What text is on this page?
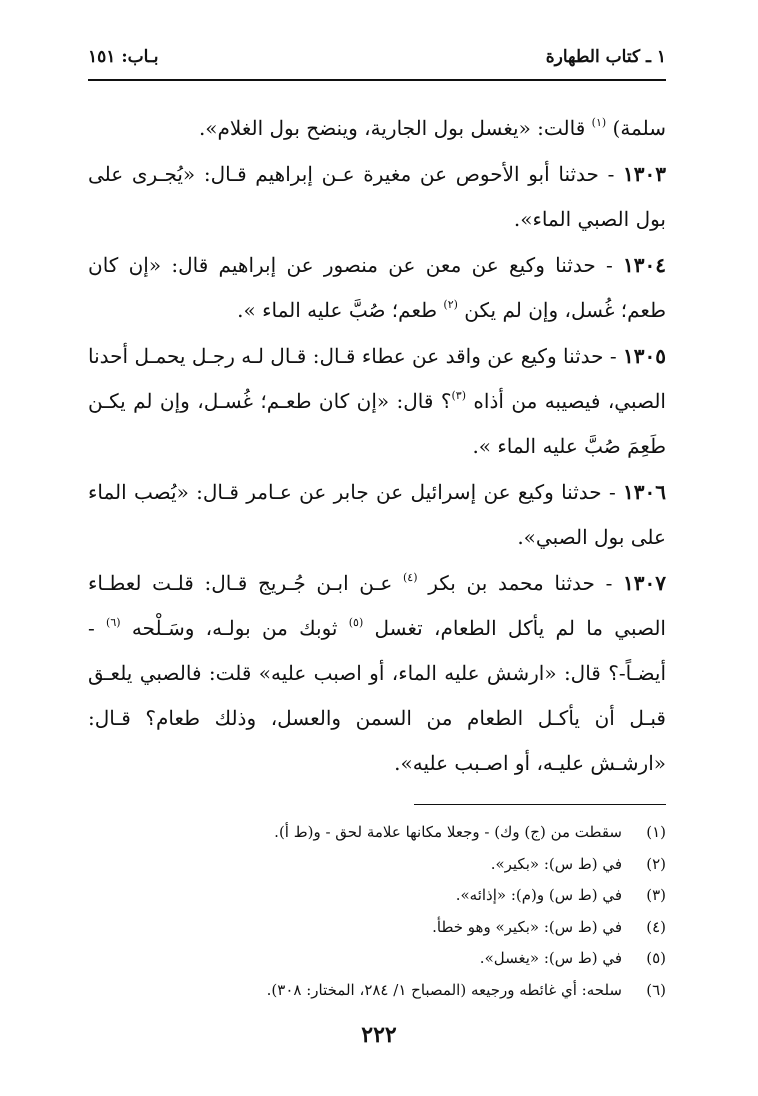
١ ـ كتاب الطهارة
بـاب: ١٥١

سلمة) $^{(١)}$ قالت: «يغسل بول الجارية، وينضح بول الغلام».

١٣٠٣ - حدثنا أبو الأحوص عن مغيرة عـن إبراهيم قـال: «يُجـرى على بول الصبي الماء».

١٣٠٤ - حدثنا وكيع عن معن عن منصور عن إبراهيم قال: «إن كان طعم؛ غُسل، وإن لم يكن $^{(٢)}$ طعم؛ صُبَّ عليه الماء ».

١٣٠٥ - حدثنا وكيع عن واقد عن عطاء قـال: قـال لـه رجـل يحمـل أحدنا الصبي، فيصيبه من أذاه $^{(٣)}$؟ قال: «إن كان طعـم؛ غُسـل، وإن لم يكـن طَعِمَ صُبَّ عليه الماء ».

١٣٠٦ - حدثنا وكيع عن إسرائيل عن جابر عن عـامر قـال: «يُصب الماء على بول الصبي».

١٣٠٧ - حدثنا محمد بن بكر $^{(٤)}$ عـن ابـن جُـريج قـال: قلـت لعطـاء الصبي ما لم يأكل الطعام، تغسل $^{(٥)}$ ثوبك من بولـه، وسَـلْحه $^{(٦)}$ - أيضـاً-؟ قال: «ارشش عليه الماء، أو اصبب عليه» قلت: فالصبي يلعـق قبـل أن يأكـل الطعام من السمن والعسل، وذلك طعام؟ قـال: «ارشـش عليـه، أو اصـبب عليه».

(١)
سقطت من (ج) وك) - وجعلا مكانها علامة لحق - و(ط أ).
(٢)
في (ط س): «بكير».
(٣)
في (ط س) و(م): «إذائه».
(٤)
في (ط س): «بكير» وهو خطأ.
(٥)
في (ط س): «يغسل».
(٦)
سلحه: أي غائطه ورجيعه (المصباح ١/ ٢٨٤، المختار: ٣٠٨).
٢٢٢
